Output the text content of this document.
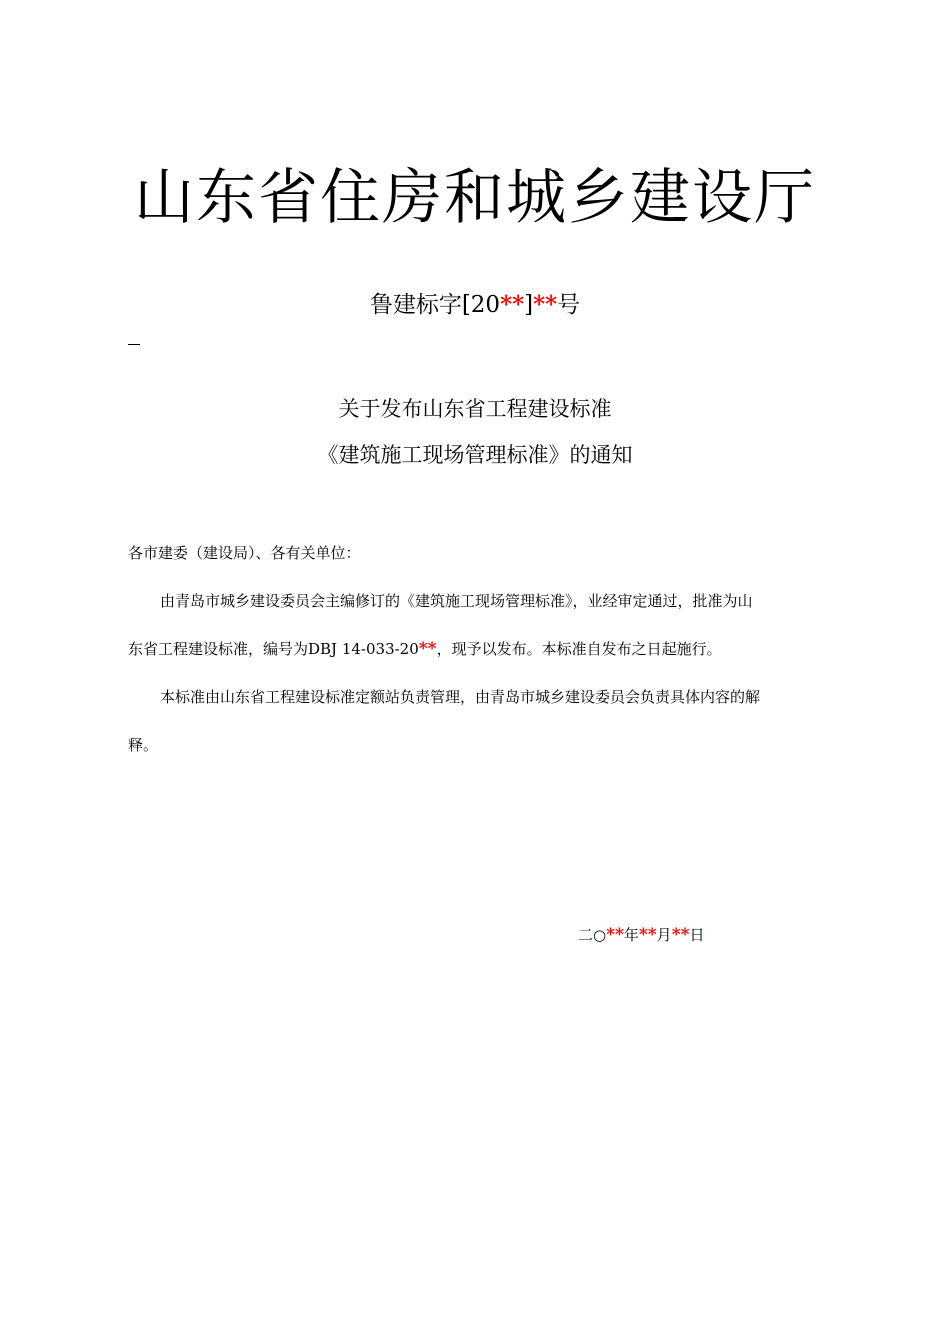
山东省住房和城乡建设厅
鲁建标字[20**]**号
关于发布山东省工程建设标准
《建筑施工现场管理标准》的通知
各市建委（建设局）、各有关单位：
由青岛市城乡建设委员会主编修订的《建筑施工现场管理标准》，业经审定通过，批准为山
东省工程建设标准，编号为DBJ 14-033-20**，现予以发布。本标准自发布之日起施行。
本标准由山东省工程建设标准定额站负责管理，由青岛市城乡建设委员会负责具体内容的解
释。
二○**年**月**日
